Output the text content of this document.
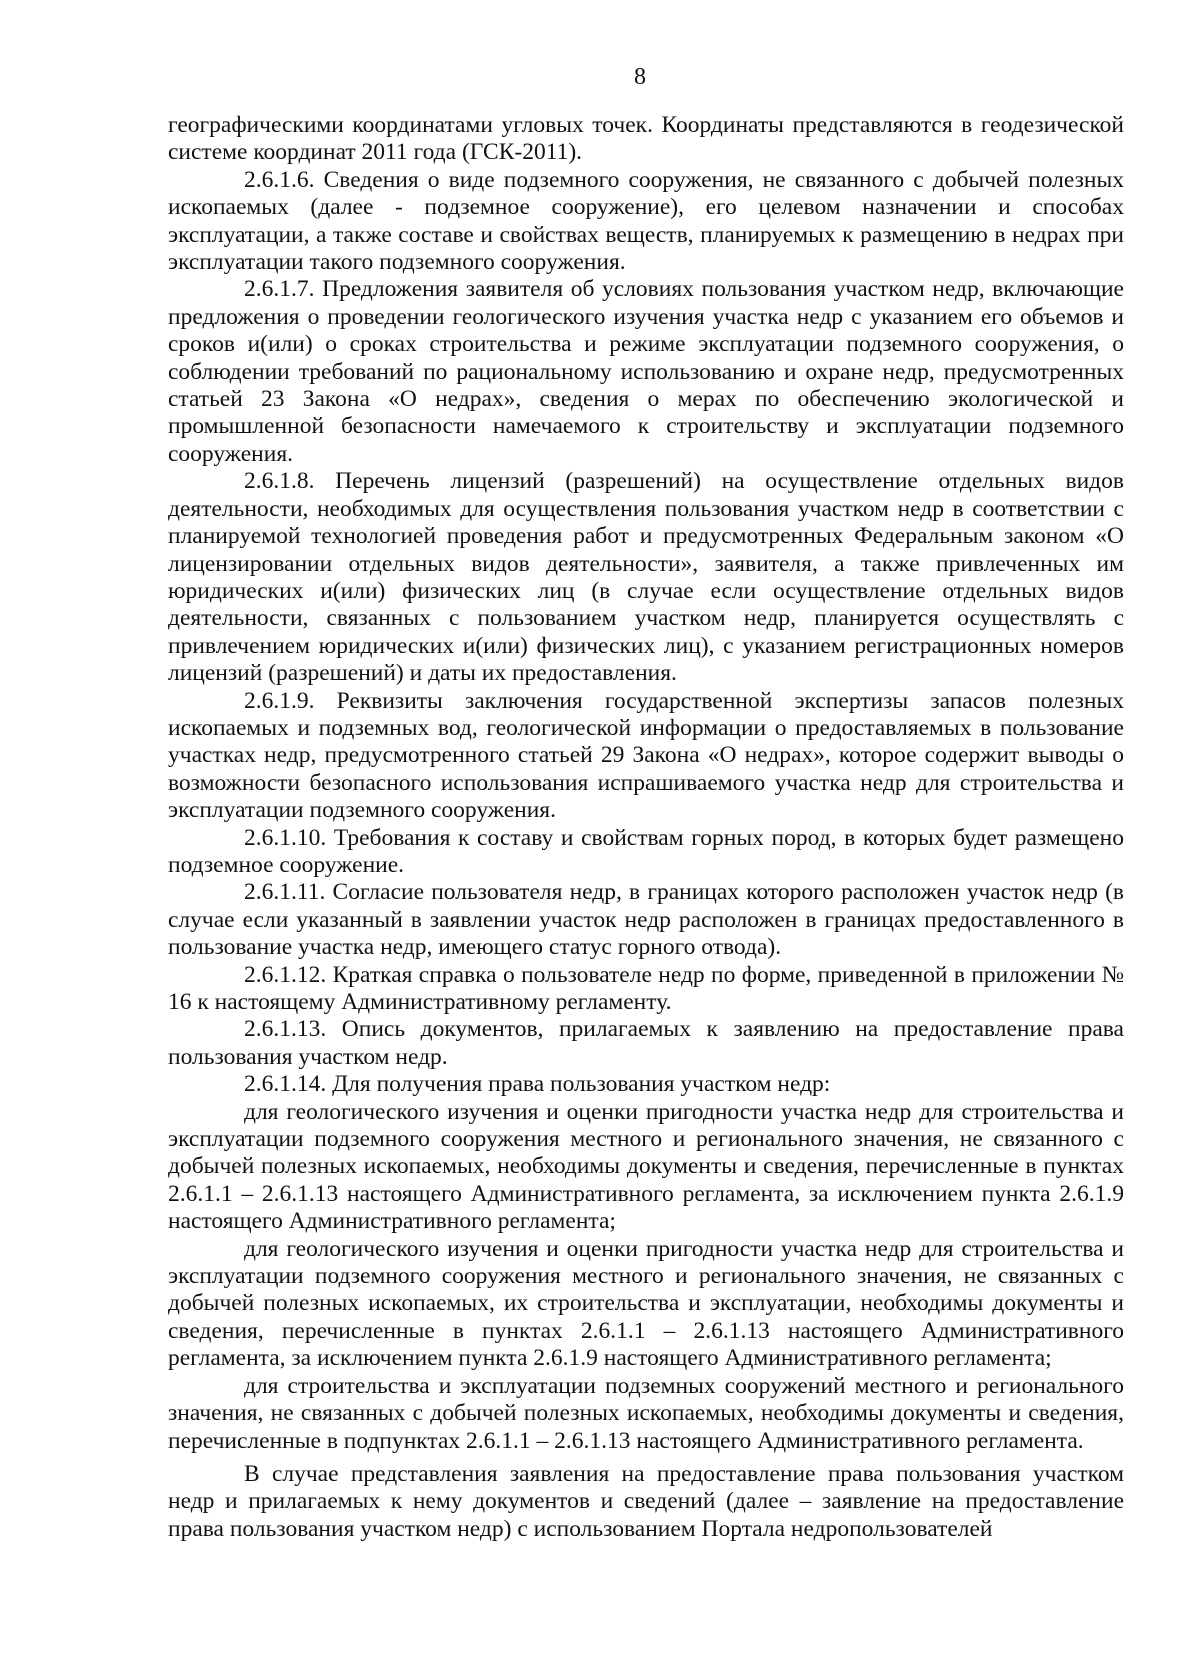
8

географическими координатами угловых точек. Координаты представляются в геодезической системе координат 2011 года (ГСК-2011).

2.6.1.6. Сведения о виде подземного сооружения, не связанного с добычей полезных ископаемых (далее - подземное сооружение), его целевом назначении и способах эксплуатации, а также составе и свойствах веществ, планируемых к размещению в недрах при эксплуатации такого подземного сооружения.

2.6.1.7. Предложения заявителя об условиях пользования участком недр, включающие предложения о проведении геологического изучения участка недр с указанием его объемов и сроков и(или) о сроках строительства и режиме эксплуатации подземного сооружения, о соблюдении требований по рациональному использованию и охране недр, предусмотренных статьей 23 Закона «О недрах», сведения о мерах по обеспечению экологической и промышленной безопасности намечаемого к строительству и эксплуатации подземного сооружения.

2.6.1.8. Перечень лицензий (разрешений) на осуществление отдельных видов деятельности, необходимых для осуществления пользования участком недр в соответствии с планируемой технологией проведения работ и предусмотренных Федеральным законом «О лицензировании отдельных видов деятельности», заявителя, а также привлеченных им юридических и(или) физических лиц (в случае если осуществление отдельных видов деятельности, связанных с пользованием участком недр, планируется осуществлять с привлечением юридических и(или) физических лиц), с указанием регистрационных номеров лицензий (разрешений) и даты их предоставления.

2.6.1.9. Реквизиты заключения государственной экспертизы запасов полезных ископаемых и подземных вод, геологической информации о предоставляемых в пользование участках недр, предусмотренного статьей 29 Закона «О недрах», которое содержит выводы о возможности безопасного использования испрашиваемого участка недр для строительства и эксплуатации подземного сооружения.

2.6.1.10. Требования к составу и свойствам горных пород, в которых будет размещено подземное сооружение.

2.6.1.11. Согласие пользователя недр, в границах которого расположен участок недр (в случае если указанный в заявлении участок недр расположен в границах предоставленного в пользование участка недр, имеющего статус горного отвода).

2.6.1.12. Краткая справка о пользователе недр по форме, приведенной в приложении № 16 к настоящему Административному регламенту.

2.6.1.13. Опись документов, прилагаемых к заявлению на предоставление права пользования участком недр.

2.6.1.14. Для получения права пользования участком недр:

для геологического изучения и оценки пригодности участка недр для строительства и эксплуатации подземного сооружения местного и регионального значения, не связанного с добычей полезных ископаемых, необходимы документы и сведения, перечисленные в пунктах 2.6.1.1 – 2.6.1.13 настоящего Административного регламента, за исключением пункта 2.6.1.9 настоящего Административного регламента;

для геологического изучения и оценки пригодности участка недр для строительства и эксплуатации подземного сооружения местного и регионального значения, не связанных с добычей полезных ископаемых, их строительства и эксплуатации, необходимы документы и сведения, перечисленные в пунктах 2.6.1.1 – 2.6.1.13 настоящего Административного регламента, за исключением пункта 2.6.1.9 настоящего Административного регламента;

для строительства и эксплуатации подземных сооружений местного и регионального значения, не связанных с добычей полезных ископаемых, необходимы документы и сведения, перечисленные в подпунктах 2.6.1.1 – 2.6.1.13 настоящего Административного регламента.

В случае представления заявления на предоставление права пользования участком недр и прилагаемых к нему документов и сведений (далее – заявление на предоставление права пользования участком недр) с использованием Портала недропользователей
